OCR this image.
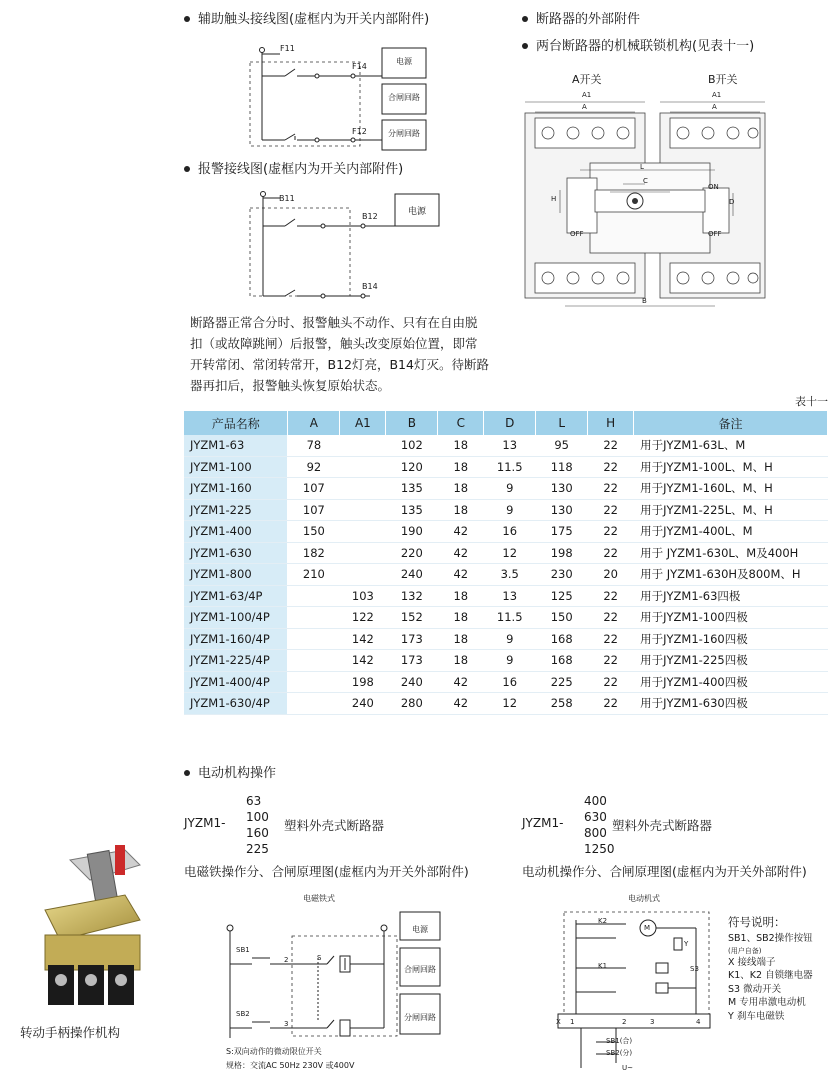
辅助触头接线图(虚框内为开关内部附件)
F11
F14
F12
电源
合闸回路
分闸回路
报警接线图(虚框内为开关内部附件)
B11
B12
B14
电源
断路器正常合分时、报警触头不动作、只有在自由脱
扣（或故障跳闸）后报警，触头改变原始位置，即常
开转常闭、常闭转常开，B12灯亮，B14灯灭。待断路
器再扣后，报警触头恢复原始状态。
断路器的外部附件
两台断路器的机械联锁机构(见表十一)
A开关	B开关
A1
A
A1
A
L
C
H	D
ON
OFF
OFF
B
表十一
产品名称	A	A1	B	C	D	L	H	备注
JYZM1-63	78		102	18	13	95	22	用于JYZM1-63L、M
JYZM1-100	92		120	18	11.5	118	22	用于JYZM1-100L、M、H
JYZM1-160	107		135	18	9	130	22	用于JYZM1-160L、M、H
JYZM1-225	107		135	18	9	130	22	用于JYZM1-225L、M、H
JYZM1-400	150		190	42	16	175	22	用于JYZM1-400L、M
JYZM1-630	182		220	42	12	198	22	用于 JYZM1-630L、M及400H
JYZM1-800	210		240	42	3.5	230	20	用于 JYZM1-630H及800M、H
JYZM1-63/4P		103	132	18	13	125	22	用于JYZM1-63四极
JYZM1-100/4P		122	152	18	11.5	150	22	用于JYZM1-100四极
JYZM1-160/4P		142	173	18	9	168	22	用于JYZM1-160四极
JYZM1-225/4P		142	173	18	9	168	22	用于JYZM1-225四极
JYZM1-400/4P		198	240	42	16	225	22	用于JYZM1-400四极
JYZM1-630/4P		240	280	42	12	258	22	用于JYZM1-630四极
电动机构操作
JYZM1-
63
100
160
225
塑料外壳式断路器
电磁铁操作分、合闸原理图(虚框内为开关外部附件)
JYZM1-
400
630
800
1250
塑料外壳式断路器
电动机操作分、合闸原理图(虚框内为开关外部附件)
转动手柄操作机构
电磁铁式
SB1
SB2
2
3
S
电源
合闸回路
分闸回路
S:双向动作的微动限位开关
规格：交流AC 50Hz 230V 或400V
电动机式
K2
K1
M
Y
S3
X 1	2	3	4
SB1(合)
SB2(分)
U~
符号说明：
SB1、SB2操作按钮
(用户自备)
X 接线端子
K1、K2 自锁继电器
S3 微动开关
M 专用串激电动机
Y 刹车电磁铁
